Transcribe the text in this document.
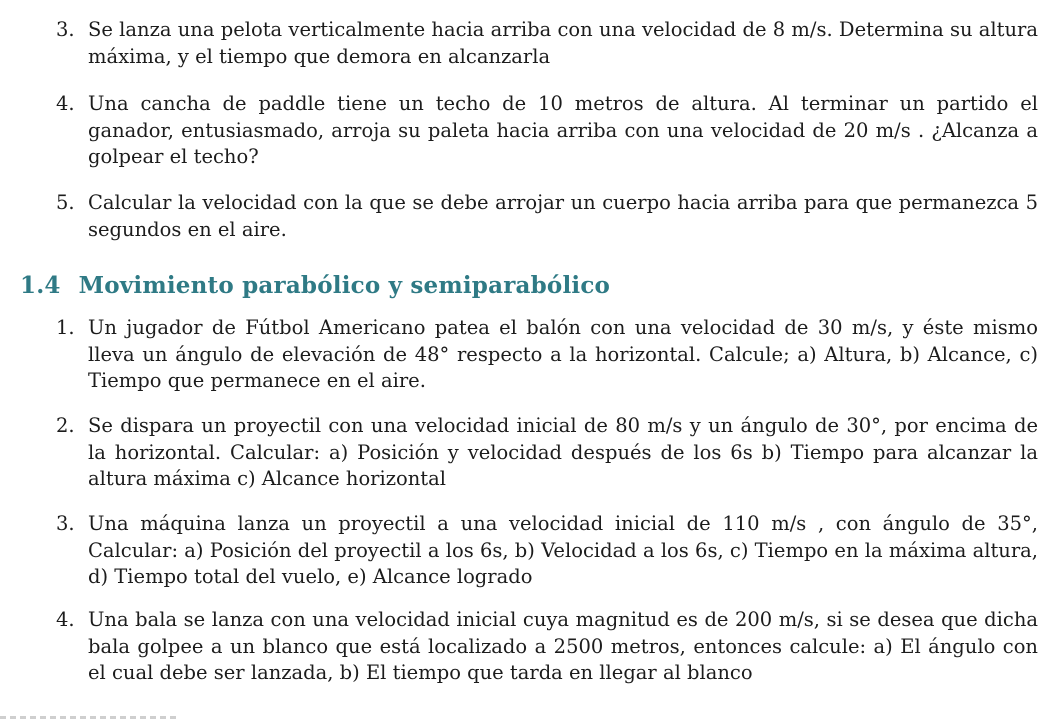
3. Se lanza una pelota verticalmente hacia arriba con una velocidad de 8 m/s. Determina su altura máxima, y el tiempo que demora en alcanzarla
4. Una cancha de paddle tiene un techo de 10 metros de altura. Al terminar un partido el ganador, entusiasmado, arroja su paleta hacia arriba con una velocidad de 20 m/s . ¿Alcanza a golpear el techo?
5. Calcular la velocidad con la que se debe arrojar un cuerpo hacia arriba para que permanezca 5 segundos en el aire.
1.4 Movimiento parabólico y semiparabólico
1. Un jugador de Fútbol Americano patea el balón con una velocidad de 30 m/s, y éste mismo lleva un ángulo de elevación de 48° respecto a la horizontal. Calcule; a) Altura, b) Alcance, c) Tiempo que permanece en el aire.
2. Se dispara un proyectil con una velocidad inicial de 80 m/s y un ángulo de 30°, por encima de la horizontal. Calcular: a) Posición y velocidad después de los 6s b) Tiempo para alcanzar la altura máxima c) Alcance horizontal
3. Una máquina lanza un proyectil a una velocidad inicial de 110 m/s , con ángulo de 35°, Calcular: a) Posición del proyectil a los 6s, b) Velocidad a los 6s, c) Tiempo en la máxima altura, d) Tiempo total del vuelo, e) Alcance logrado
4. Una bala se lanza con una velocidad inicial cuya magnitud es de 200 m/s, si se desea que dicha bala golpee a un blanco que está localizado a 2500 metros, entonces calcule: a) El ángulo con el cual debe ser lanzada, b) El tiempo que tarda en llegar al blanco
